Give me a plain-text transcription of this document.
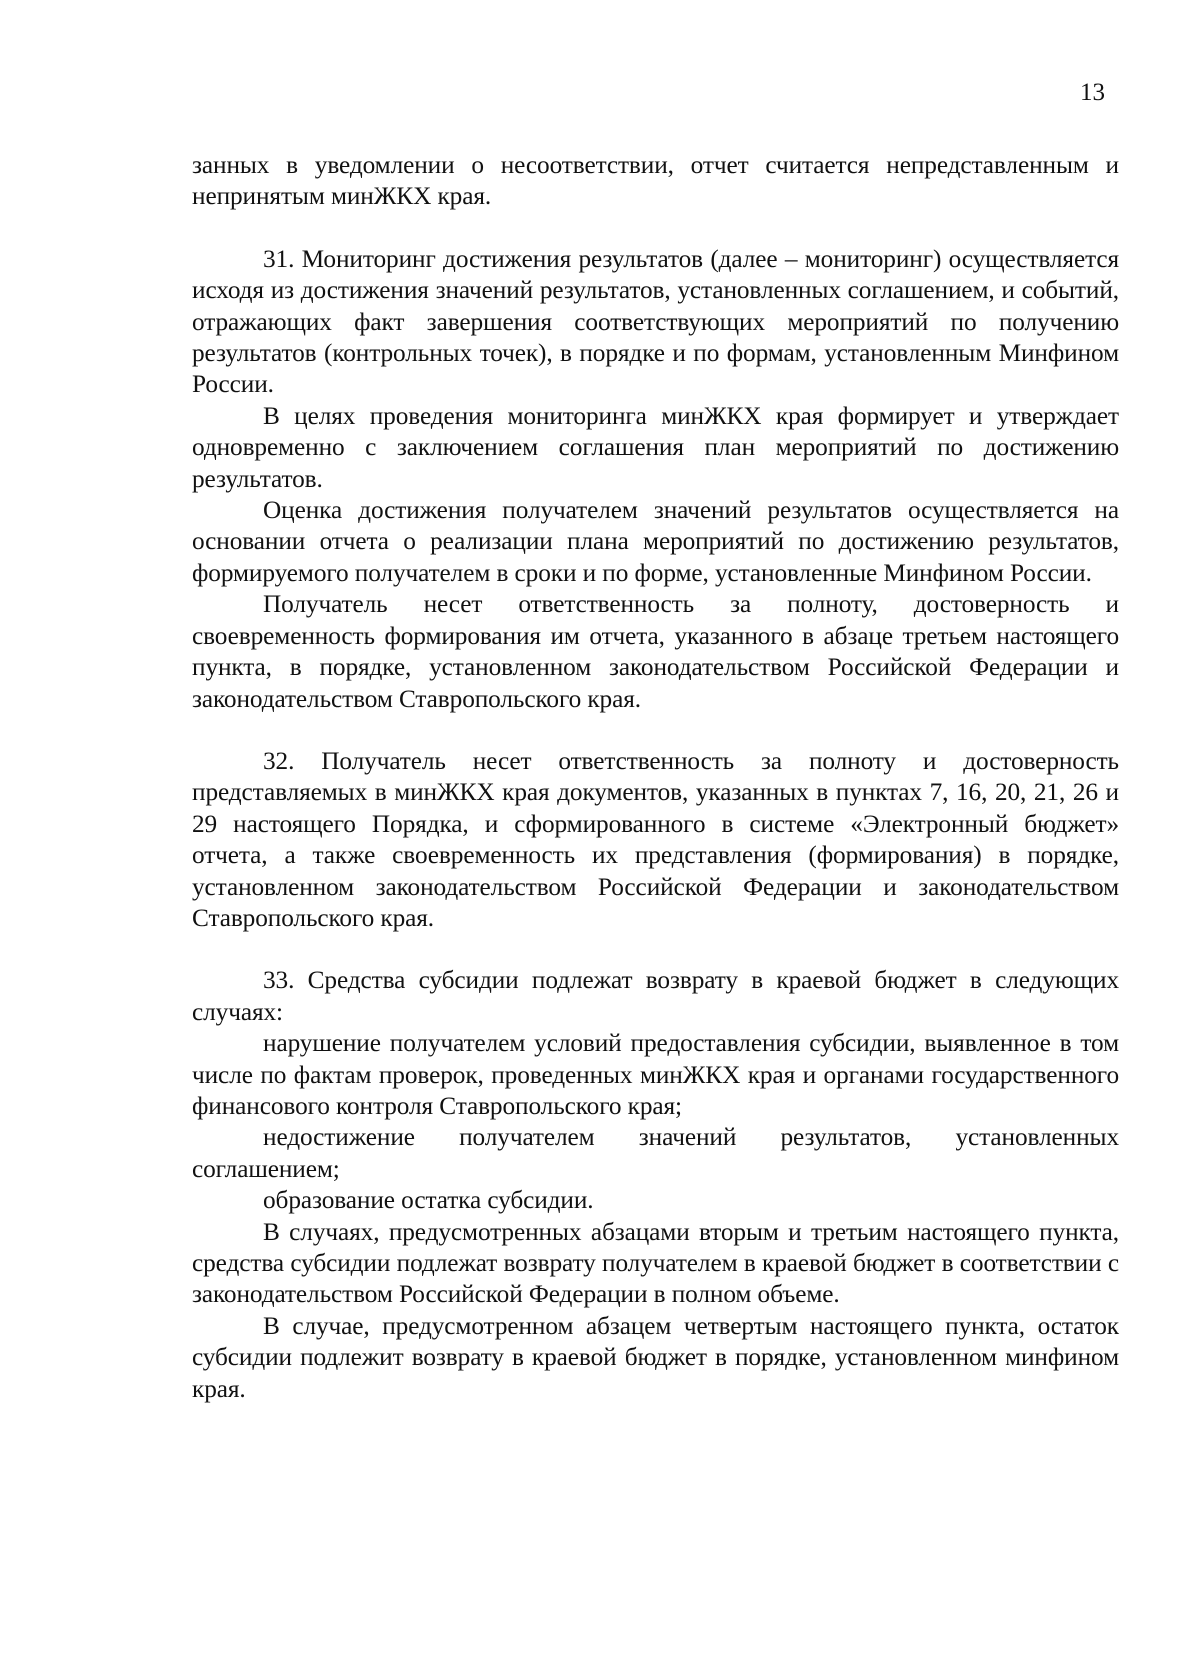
13

занных в уведомлении о несоответствии, отчет считается непредставленным и непринятым минЖКХ края.

31. Мониторинг достижения результатов (далее – мониторинг) осуществляется исходя из достижения значений результатов, установленных соглашением, и событий, отражающих факт завершения соответствующих мероприятий по получению результатов (контрольных точек), в порядке и по формам, установленным Минфином России.

В целях проведения мониторинга минЖКХ края формирует и утверждает одновременно с заключением соглашения план мероприятий по достижению результатов.

Оценка достижения получателем значений результатов осуществляется на основании отчета о реализации плана мероприятий по достижению результатов, формируемого получателем в сроки и по форме, установленные Минфином России.

Получатель несет ответственность за полноту, достоверность и своевременность формирования им отчета, указанного в абзаце третьем настоящего пункта, в порядке, установленном законодательством Российской Федерации и законодательством Ставропольского края.

32. Получатель несет ответственность за полноту и достоверность представляемых в минЖКХ края документов, указанных в пунктах 7, 16, 20, 21, 26 и 29 настоящего Порядка, и сформированного в системе «Электронный бюджет» отчета, а также своевременность их представления (формирования) в порядке, установленном законодательством Российской Федерации и законодательством Ставропольского края.

33. Средства субсидии подлежат возврату в краевой бюджет в следующих случаях:

нарушение получателем условий предоставления субсидии, выявленное в том числе по фактам проверок, проведенных минЖКХ края и органами государственного финансового контроля Ставропольского края;

недостижение получателем значений результатов, установленных соглашением;

образование остатка субсидии.

В случаях, предусмотренных абзацами вторым и третьим настоящего пункта, средства субсидии подлежат возврату получателем в краевой бюджет в соответствии с законодательством Российской Федерации в полном объеме.

В случае, предусмотренном абзацем четвертым настоящего пункта, остаток субсидии подлежит возврату в краевой бюджет в порядке, установленном минфином края.
